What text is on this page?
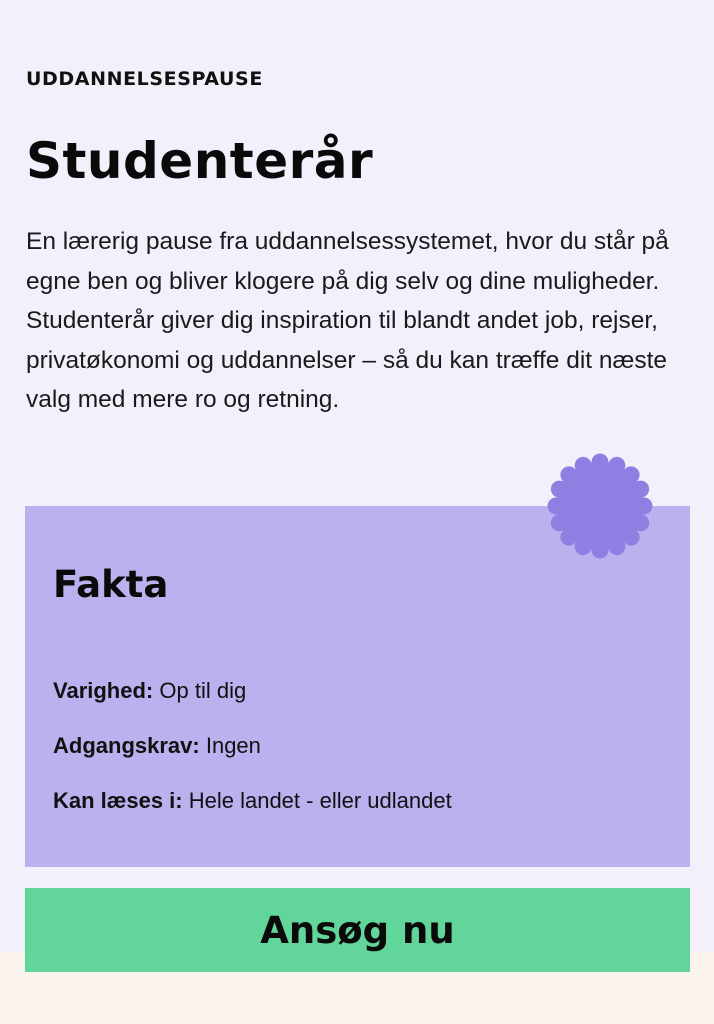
UDDANNELSESPAUSE
Studenterår

En lærerig pause fra uddannelsessystemet, hvor du står på egne ben og bliver klogere på dig selv og dine muligheder. Studenterår giver dig inspiration til blandt andet job, rejser, privatøkonomi og uddannelser – så du kan træffe dit næste valg med mere ro og retning.

Fakta
Varighed: Op til dig
Adgangskrav: Ingen
Kan læses i: Hele landet - eller udlandet
Ansøg nu
